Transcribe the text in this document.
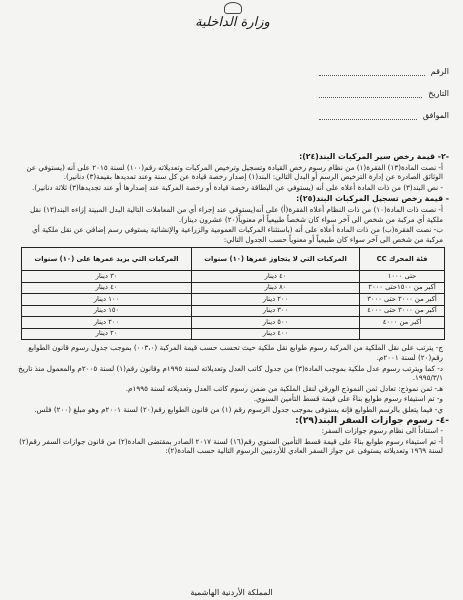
وزارة الداخلية
الرقم
التاريخ
الموافق
-٢- قيمة رخص سير المركبات البند(٢٤):
أ- نصت المادة(١٣) الفقرة(١) من نظام رسوم رخص القيادة وتسجيل وترخيص المركبات وتعديلاته رقم(١٠٠) لسنة ٢٠١٥ على أنه (يستوفي عن الوثائق الصادرة عن إدارة الترخيص الرسم أو البدل التالي: البند(١) إصدار رخصة قيادة عن كل سنة وعند تمديدها بقيمة(٣) دنانير).
- نص البند(٣) من ذات المادة أعلاه على أنه (يستوفي عن البطاقة رخصة قيادة أو رخصة المركبة عند إصدارها أو عند تجديدها(٣) ثلاثة دنانير).
- قيمة رخص تسجيل المركبات البند(٢٥):
أ- نصت ذات المادة(١٠) من ذات النظام أعلاه الفقرة(أ) على أنه(يستوفي عند إجراء أي من المعاملات التالية البدل المبينة إزاءه البند(١٣) نقل ملكية أي مركبة من شخص الى آخر سواء كان شخصاً طبيعياً أم معنوياً(٢٠) عشرون دينار).
ب- نصت الفقرة(ب) من ذات المادة أعلاه على أنه (باستثناء المركبات العمومية والزراعية والإنشائية يستوفي رسم إضافي عن نقل ملكية أي مركبة من شخص الى آخر سواء كان طبيعياً أو معنوياً حسب الجدول التالي:
فئة المحرك CC	المركبات التي لا يتجاوز عمرها (١٠) سنوات	المركبات التي يزيد عمرها على (١٠) سنوات
حتى ١٠٠٠	٤٠ دينار	٣٠ دينار
أكبر من ١٥٠٠حتى ٢٠٠٠	٨٠ دينار	٤٠ دينار
أكبر من ٢٠٠٠ حتى ٣٠٠٠	٢٠٠ دينار	١٠٠ دينار
أكبر من ٣٠٠٠ حتى ٤٠٠٠	٣٠٠ دينار	١٥٠ دينار
أكبر من ٤٠٠٠	٥٠٠ دينار	٢٠٠ دينار
	٤٠٠ دينار	٢٠ دينار
ج- يترتب على نقل الملكية من المركبة رسوم طوابع نقل ملكية حيث تحسب حسب قيمة المركبة (٠٠٣،٠) بموجب جدول رسوم قانون الطوابع رقم(٢٠) لسنة ٢٠٠١م.
د- كما ويترتب رسوم عدل ملكية بموجب المادة(٣) من جدول كاتب العدل وتعديلاته لسنة ١٩٩٥م وقانون رقم(١) لسنة ٢٠٠٥م والمعمول منذ تاريخ ١٩٩٥/٣/١.
هـ- ثمن نموذج: تعادل ثمن النموذج الورقي لنقل الملكية من ضمن رسوم كاتب العدل وتعديلاته لسنة ١٩٩٥م.
و- تم استيفاء رسوم طوابع بناءً على قيمة قسط التأمين السنوي.
ي- فيما يتعلق بالرسم الطوابع فإنه يستوفى بموجب جدول الرسوم رقم (١) من قانون الطوابع رقم(٢٠) لسنة ٢٠٠١م وهو مبلغ (٢٠٠) فلس.
-٤- رسوم جوازات السفر البند(٢٩):
- استناداً الى نظام رسوم جوازات السفر:
أ- تم استيفاء رسوم طوابع بناءً على قيمة قسط التأمين السنوي رقم(١٦) لسنة ٢٠١٧ الصادر بمقتضى المادة(٢) من قانون جوازات السفر رقم(٢) لسنة ١٩٦٩ وتعديلاته يستوفى عن جواز السفر العادي للأردنيين الرسوم التالية حسب المادة(٢):
المملكة الأردنية الهاشمية
